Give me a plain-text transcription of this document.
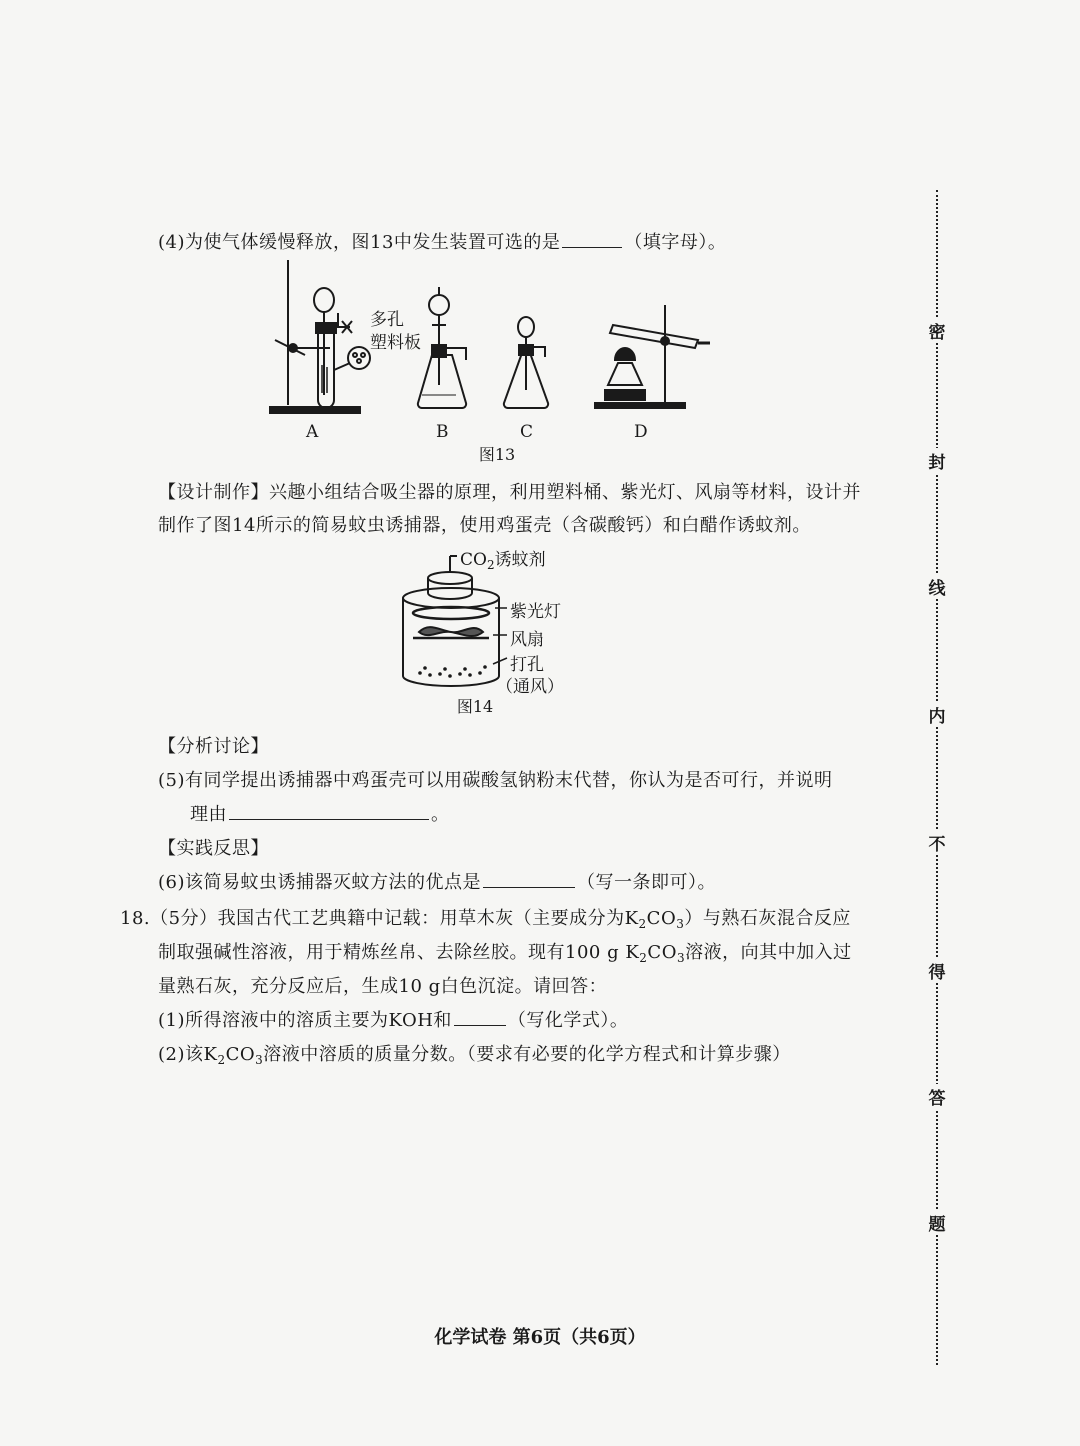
(4)为使气体缓慢释放，图13中发生装置可选的是	（填字母）。
多孔
塑料板
A	B	C	D
图13
【设计制作】兴趣小组结合吸尘器的原理，利用塑料桶、紫光灯、风扇等材料，设计并
制作了图14所示的简易蚊虫诱捕器，使用鸡蛋壳（含碳酸钙）和白醋作诱蚊剂。
$CO_2$诱蚊剂
紫光灯
风扇
打孔
（通风）
图14
【分析讨论】
(5)有同学提出诱捕器中鸡蛋壳可以用碳酸氢钠粉末代替，你认为是否可行，并说明
理由	。
【实践反思】
(6)该简易蚊虫诱捕器灭蚊方法的优点是	（写一条即可）。
18.（5分）我国古代工艺典籍中记载：用草木灰（主要成分为$K_2CO_3$）与熟石灰混合反应
制取强碱性溶液，用于精炼丝帛、去除丝胶。现有100 g $K_2CO_3$溶液，向其中加入过
量熟石灰，充分反应后，生成10 g白色沉淀。请回答：
(1)所得溶液中的溶质主要为KOH和	（写化学式）。
(2)该$K_2CO_3$溶液中溶质的质量分数。（要求有必要的化学方程式和计算步骤）
化学试卷 第6页（共6页）
密
封
线
内
不
得
答
题
